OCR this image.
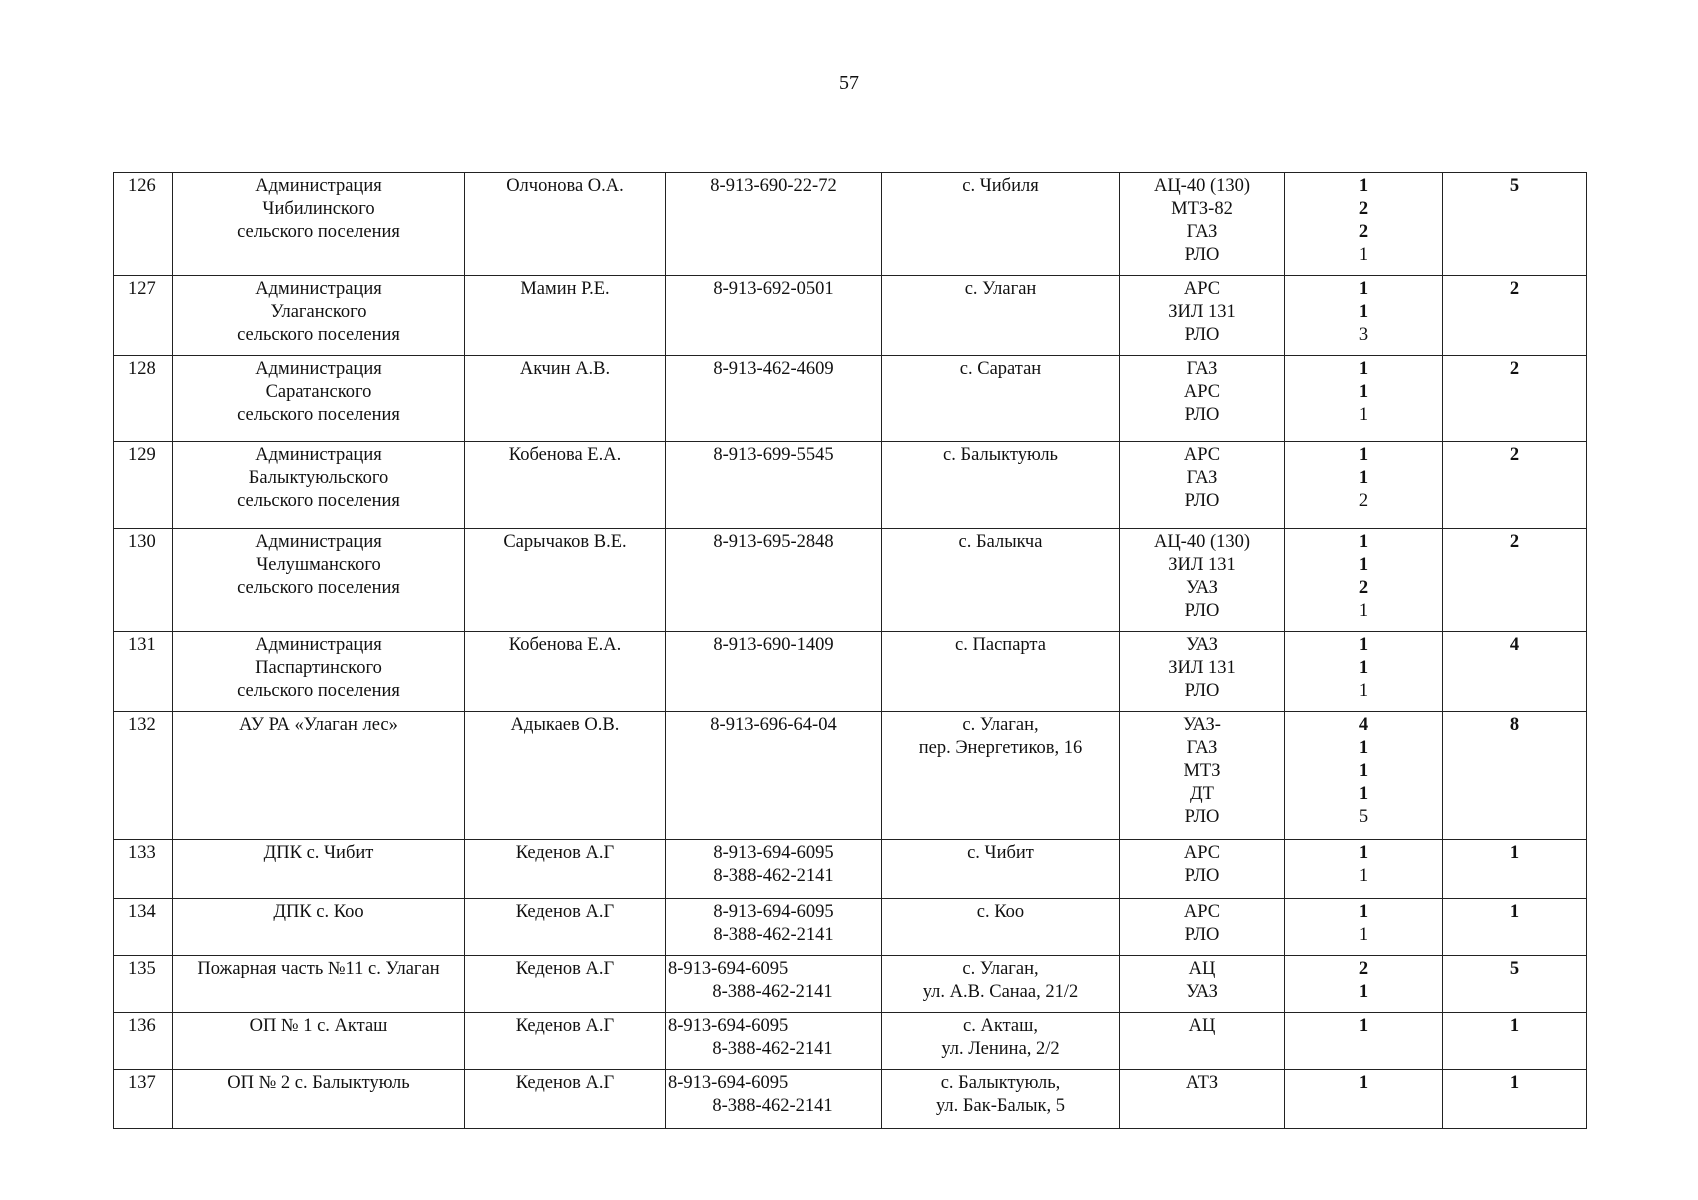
57
126	Администрация
Чибилинского
сельского поселения	Олчонова О.А.	8-913-690-22-72	с. Чибиля	АЦ-40 (130)
МТЗ-82
ГАЗ
РЛО	1
2
2
1	5
127	Администрация
Улаганского
сельского поселения	Мамин Р.Е.	8-913-692-0501	с. Улаган	АРС
ЗИЛ 131
РЛО	1
1
3	2
128	Администрация
Саратанского
сельского поселения	Акчин А.В.	8-913-462-4609	с. Саратан	ГАЗ
АРС
РЛО	1
1
1	2
129	Администрация
Балыктуюльского
сельского поселения	Кобенова Е.А.	8-913-699-5545	с. Балыктуюль	АРС
ГАЗ
РЛО	1
1
2	2
130	Администрация
Челушманского
сельского поселения	Сарычаков В.Е.	8-913-695-2848	с. Балыкча	АЦ-40 (130)
ЗИЛ 131
УАЗ
РЛО	1
1
2
1	2
131	Администрация
Паспартинского
сельского поселения	Кобенова Е.А.	8-913-690-1409	с. Паспарта	УАЗ
ЗИЛ 131
РЛО	1
1
1	4
132	АУ РА «Улаган лес»	Адыкаев О.В.	8-913-696-64-04	с. Улаган,
пер. Энергетиков, 16	УАЗ-
ГАЗ
МТЗ
ДТ
РЛО	4
1
1
1
5	8
133	ДПК с. Чибит	Кеденов А.Г	8-913-694-6095
8-388-462-2141	с. Чибит	АРС
РЛО	1
1	1
134	ДПК с. Коо	Кеденов А.Г	8-913-694-6095
8-388-462-2141	с. Коо	АРС
РЛО	1
1	1
135	Пожарная часть №11 с. Улаган	Кеденов А.Г	8-913-694-6095
8-388-462-2141	с. Улаган,
ул. А.В. Санаа, 21/2	АЦ
УАЗ	2
1	5
136	ОП № 1 с. Акташ	Кеденов А.Г	8-913-694-6095
8-388-462-2141	с. Акташ,
ул. Ленина, 2/2	АЦ	1	1
137	ОП № 2 с. Балыктуюль	Кеденов А.Г	8-913-694-6095
8-388-462-2141	с. Балыктуюль,
ул. Бак-Балык, 5	АТЗ	1	1
